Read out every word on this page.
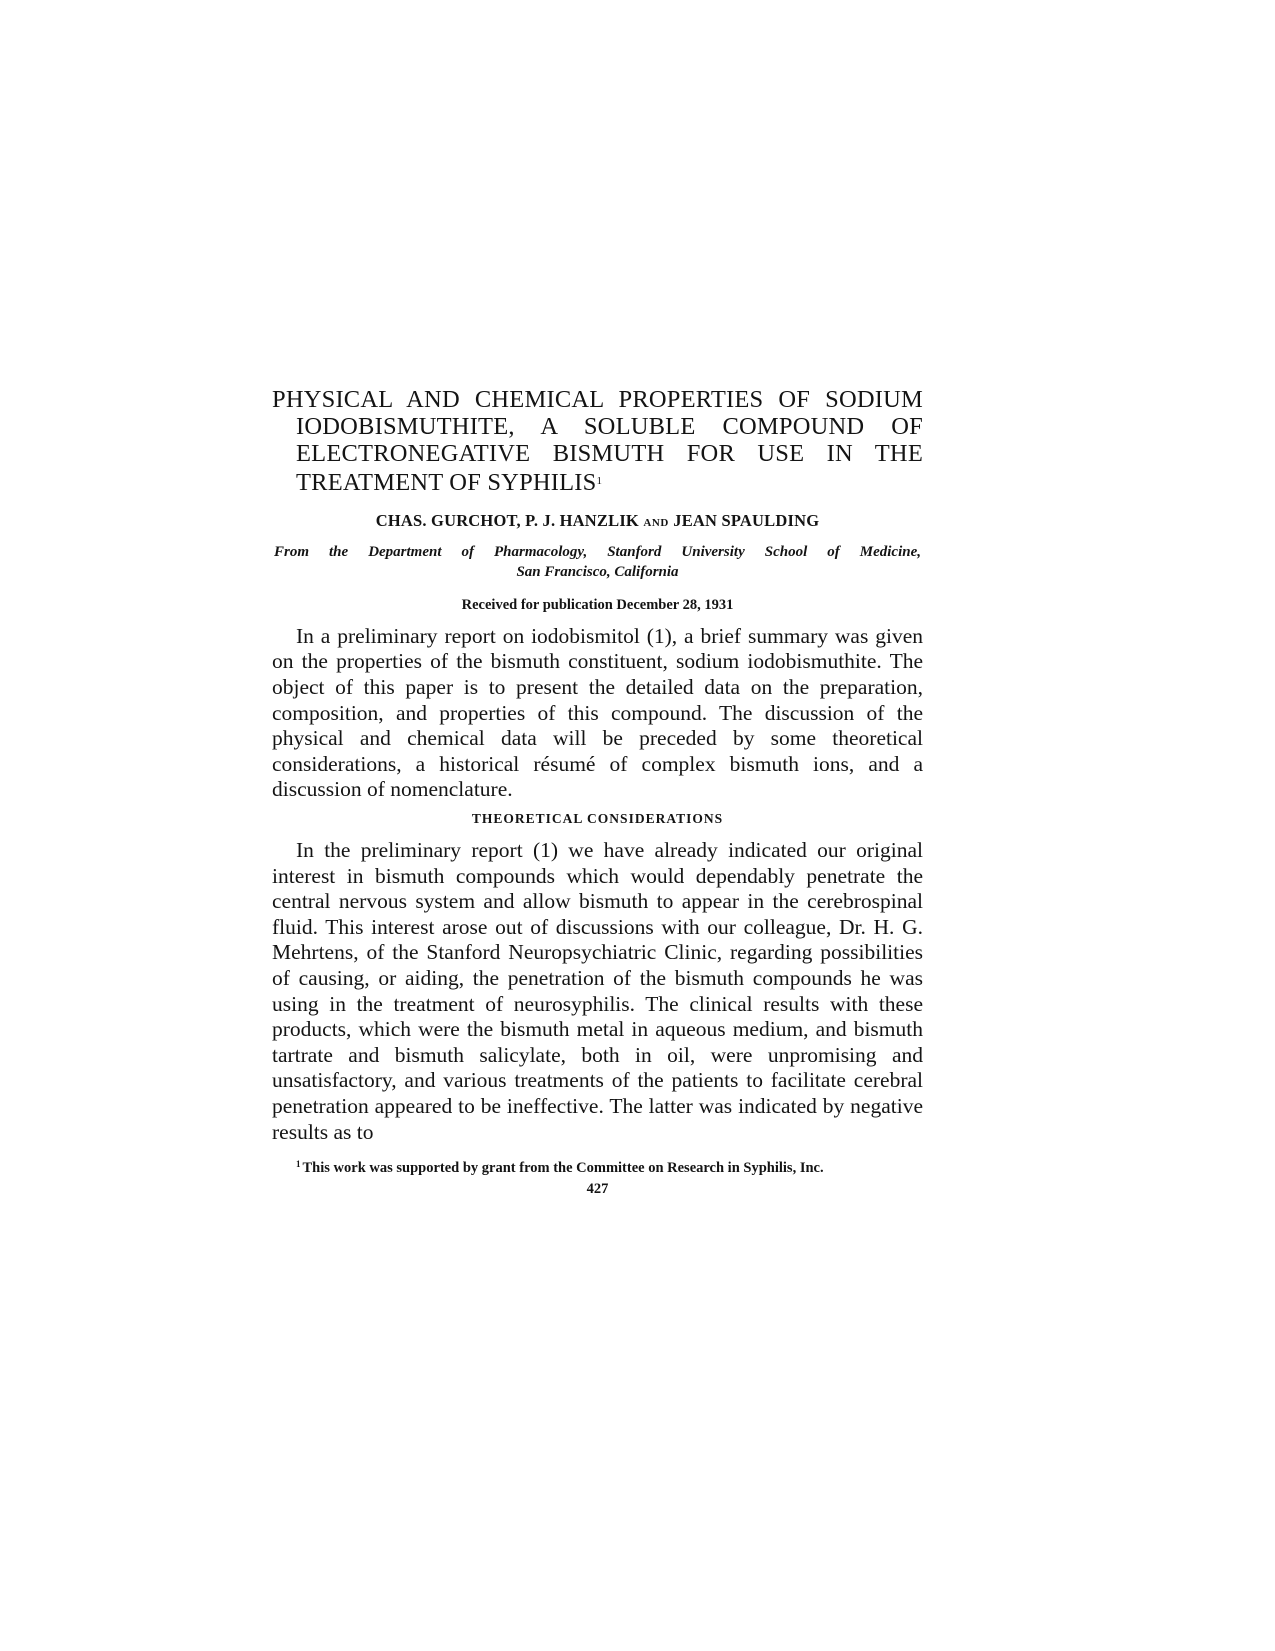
PHYSICAL AND CHEMICAL PROPERTIES OF SODIUM
IODOBISMUTHITE, A SOLUBLE COMPOUND OF
ELECTRONEGATIVE BISMUTH FOR USE IN THE
TREATMENT OF SYPHILIS$^1$
CHAS. GURCHOT, P. J. HANZLIK AND JEAN SPAULDING
From the Department of Pharmacology, Stanford University School of Medicine,
San Francisco, California
Received for publication December 28, 1931

In a preliminary report on iodobismitol (1), a brief summary was given on the properties of the bismuth constituent, sodium iodobismuthite. The object of this paper is to present the detailed data on the preparation, composition, and properties of this compound. The discussion of the physical and chemical data will be preceded by some theoretical considerations, a historical résumé of complex bismuth ions, and a discussion of nomenclature.

THEORETICAL CONSIDERATIONS

In the preliminary report (1) we have already indicated our original interest in bismuth compounds which would dependably penetrate the central nervous system and allow bismuth to appear in the cerebrospinal fluid. This interest arose out of discussions with our colleague, Dr. H. G. Mehrtens, of the Stanford Neuropsychiatric Clinic, regarding possibilities of causing, or aiding, the penetration of the bismuth compounds he was using in the treatment of neurosyphilis. The clinical results with these products, which were the bismuth metal in aqueous medium, and bismuth tartrate and bismuth salicylate, both in oil, were unpromising and unsatisfactory, and various treatments of the patients to facilitate cerebral penetration appeared to be ineffective. The latter was indicated by negative results as to

$^1$ This work was supported by grant from the Committee on Research in Syphilis, Inc.
427
